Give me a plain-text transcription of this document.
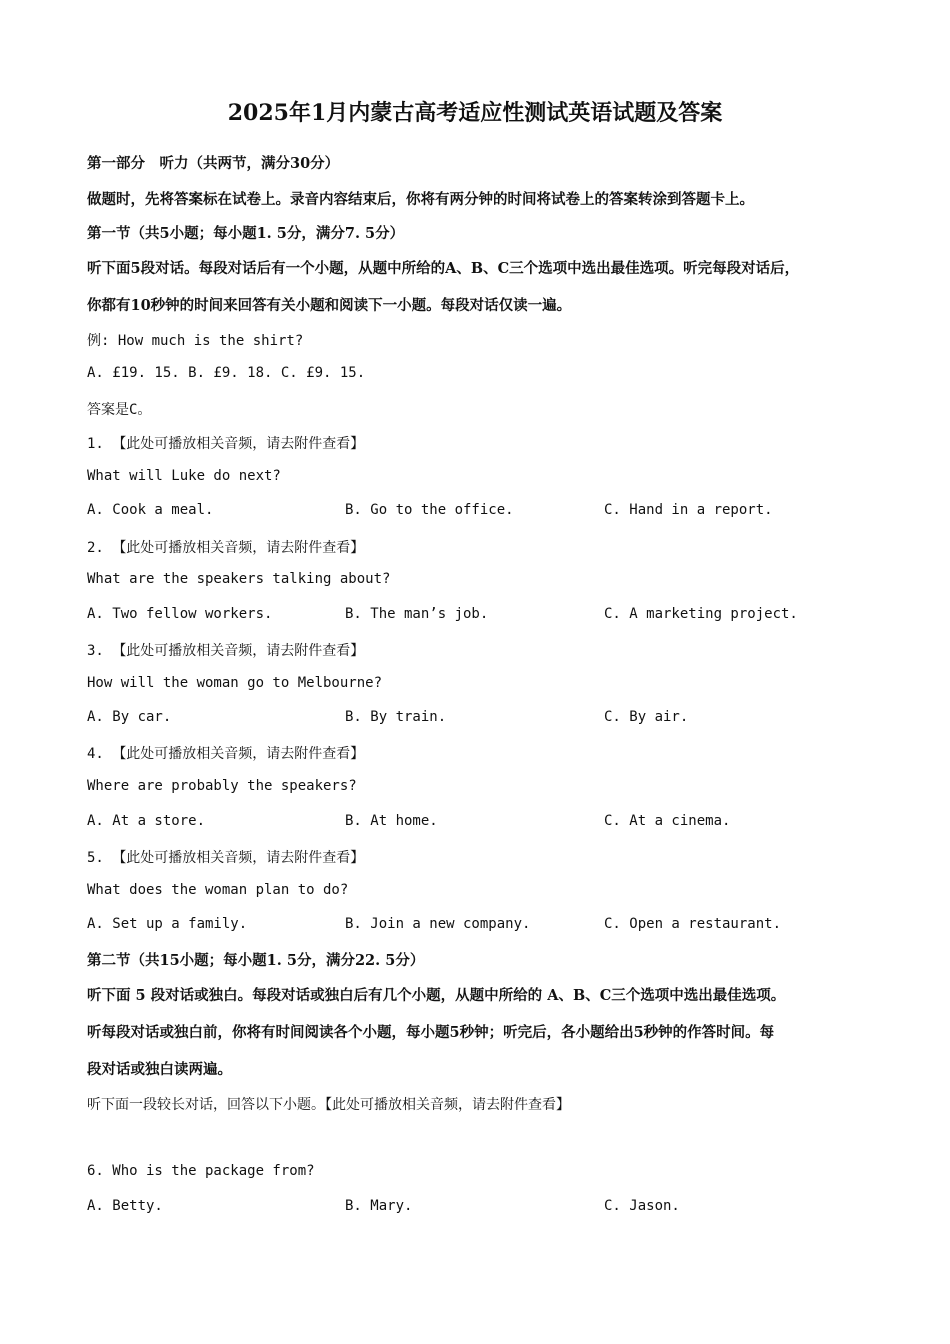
2025年1月内蒙古高考适应性测试英语试题及答案

第一部分　听力（共两节，满分30分）

做题时，先将答案标在试卷上。录音内容结束后，你将有两分钟的时间将试卷上的答案转涂到答题卡上。

第一节（共5小题；每小题1. 5分，满分7. 5分）

听下面5段对话。每段对话后有一个小题，从题中所给的A、B、C三个选项中选出最佳选项。听完每段对话后，

你都有10秒钟的时间来回答有关小题和阅读下一小题。每段对话仅读一遍。

例: How much is the shirt?

A. £19. 15. B. £9. 18. C. £9. 15.

答案是C。

1. 【此处可播放相关音频，请去附件查看】

What will Luke do next?

A. Cook a meal.	B. Go to the office.	C. Hand in a report.

2. 【此处可播放相关音频，请去附件查看】

What are the speakers talking about?

A. Two fellow workers.	B. The man’s job.	C. A marketing project.

3. 【此处可播放相关音频，请去附件查看】

How will the woman go to Melbourne?

A. By car.	B. By train.	C. By air.

4. 【此处可播放相关音频，请去附件查看】

Where are probably the speakers?

A. At a store.	B. At home.	C. At a cinema.

5. 【此处可播放相关音频，请去附件查看】

What does the woman plan to do?

A. Set up a family.	B. Join a new company.	C. Open a restaurant.

第二节（共15小题；每小题1. 5分，满分22. 5分）

听下面 5 段对话或独白。每段对话或独白后有几个小题，从题中所给的 A、B、C三个选项中选出最佳选项。

听每段对话或独白前，你将有时间阅读各个小题，每小题5秒钟；听完后，各小题给出5秒钟的作答时间。每

段对话或独白读两遍。

听下面一段较长对话，回答以下小题。【此处可播放相关音频，请去附件查看】

6. Who is the package from?

A. Betty.	B. Mary.	C. Jason.
